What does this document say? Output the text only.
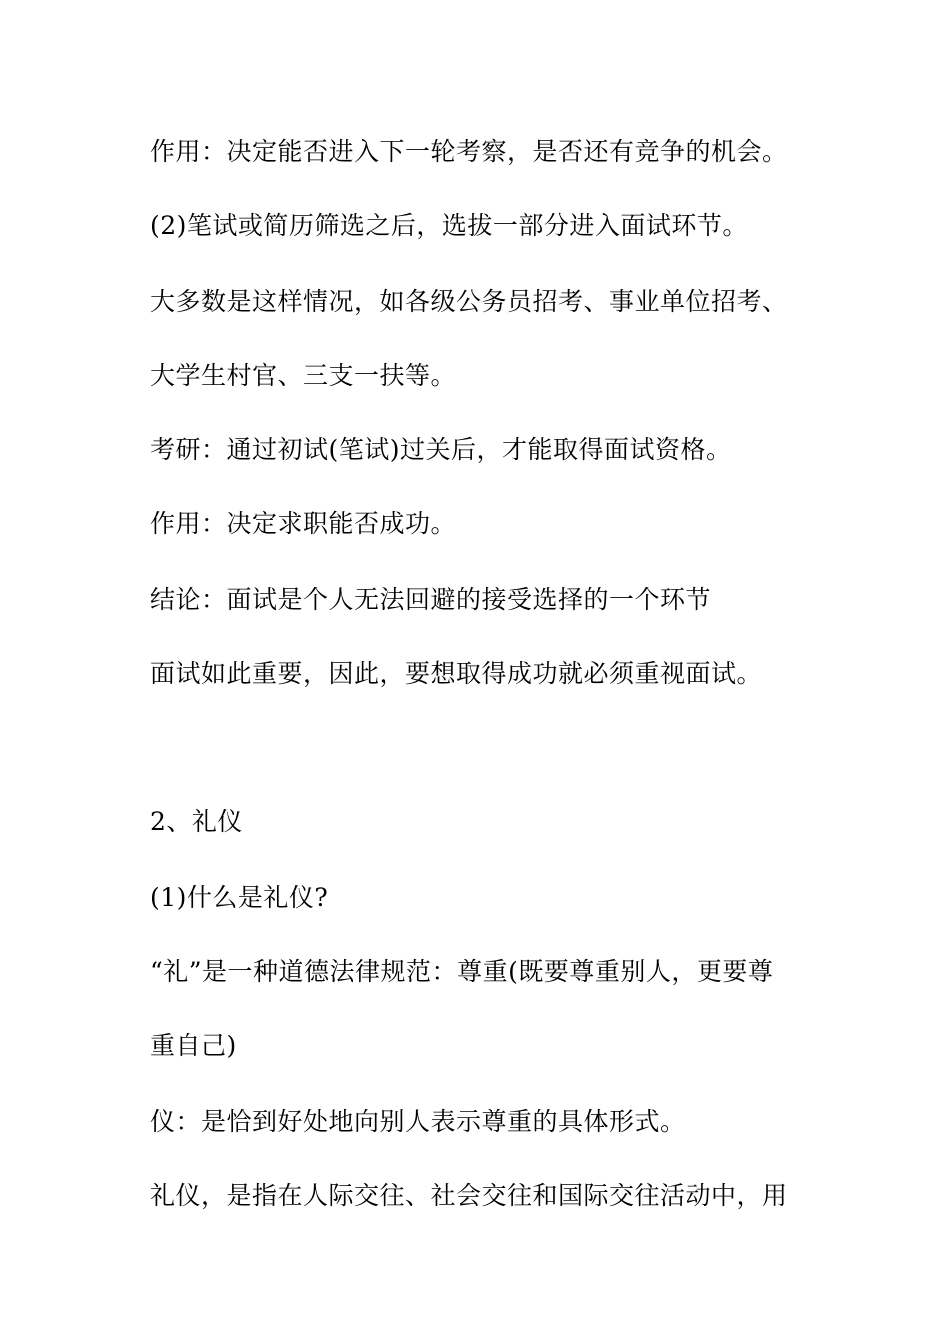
作用：决定能否进入下一轮考察，是否还有竞争的机会。

(2)笔试或简历筛选之后，选拔一部分进入面试环节。

大多数是这样情况，如各级公务员招考、事业单位招考、

大学生村官、三支一扶等。

考研：通过初试(笔试)过关后，才能取得面试资格。

作用：决定求职能否成功。

结论：面试是个人无法回避的接受选择的一个环节

面试如此重要，因此，要想取得成功就必须重视面试。

2、礼仪

(1)什么是礼仪?

“礼”是一种道德法律规范：尊重(既要尊重别人，更要尊

重自己)

仪：是恰到好处地向别人表示尊重的具体形式。

礼仪，是指在人际交往、社会交往和国际交往活动中，用
